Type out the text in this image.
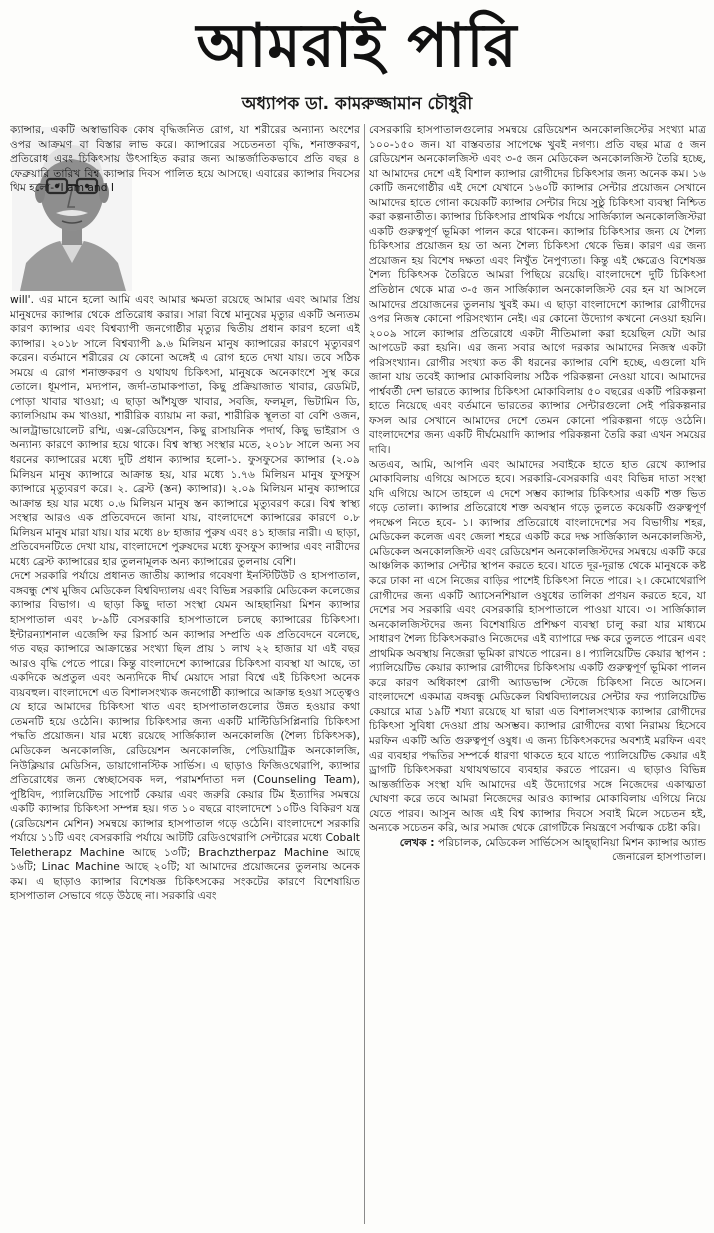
আমরাই পারি
অধ্যাপক ডা. কামরুজ্জামান চৌধুরী

ক্যান্সার, একটি অস্বাভাবিক কোষ বৃদ্ধিজনিত রোগ, যা শরীরের অন্যান্য অংশের ওপর আক্রমণ বা বিস্তার লাভ করে। ক্যান্সারের সচেতনতা বৃদ্ধি, শনাক্তকরণ, প্রতিরোধ এবং চিকিৎসায় উৎসাহিত করার জন্য আন্তর্জাতিকভাবে প্রতি বছর ৪ ফেব্রুয়ারি তারিখ বিশ্ব ক্যান্সার দিবস পালিত হয়ে আসছে। এবারের ক্যান্সার দিবসের থিম হলো- 'I am and I

will'. এর মানে হলো আমি এবং আমার ক্ষমতা রয়েছে আমার এবং আমার প্রিয় মানুষদের ক্যান্সার থেকে প্রতিরোধ করার। সারা বিশ্বে মানুষের মৃত্যুর একটি অন্যতম কারণ ক্যান্সার এবং বিশ্বব্যাপী জনগোষ্ঠীর মৃত্যুর দ্বিতীয় প্রধান কারণ হলো এই ক্যান্সার। ২০১৮ সালে বিশ্বব্যাপী ৯.৬ মিলিয়ন মানুষ ক্যান্সারের কারণে মৃত্যুবরণ করেন। বর্তমানে শরীরের যে কোনো অঙ্গেই এ রোগ হতে দেখা যায়। তবে সঠিক সময়ে এ রোগ শনাক্তকরণ ও যথাযথ চিকিৎসা, মানুষকে অনেকাংশে সুস্থ করে তোলে। ধূমপান, মদ্যপান, জর্দা-তামাকপাতা, কিছু প্রক্রিয়াজাত খাবার, রেডমিট, পোড়া খাবার খাওয়া; এ ছাড়া আঁশযুক্ত খাবার, সবজি, ফলমূল, ভিটামিন ডি, ক্যালসিয়াম কম খাওয়া, শারীরিক ব্যায়াম না করা, শারীরিক স্থূলতা বা বেশি ওজন, আলট্রাভায়োলেট রশ্মি, এক্স-রেডিয়েশন, কিছু রাসায়নিক পদার্থ, কিছু ভাইরাস ও অন্যান্য কারণে ক্যান্সার হয়ে থাকে। বিশ্ব স্বাস্থ্য সংস্থার মতে, ২০১৮ সালে অন্য সব ধরনের ক্যান্সারের মধ্যে দুটি প্রধান ক্যান্সার হলো-১. ফুসফুসের ক্যান্সার (২.০৯ মিলিয়ন মানুষ ক্যান্সারে আক্রান্ত হয়, যার মধ্যে ১.৭৬ মিলিয়ন মানুষ ফুসফুস ক্যান্সারে মৃত্যুবরণ করে। ২. ব্রেস্ট (স্তন) ক্যান্সার)। ২.০৯ মিলিয়ন মানুষ ক্যান্সারে আক্রান্ত হয় যার মধ্যে ০.৬ মিলিয়ন মানুষ স্তন ক্যান্সারে মৃত্যুবরণ করে। বিশ্ব স্বাস্থ্য সংস্থার আরও এক প্রতিবেদনে জানা যায়, বাংলাদেশে ক্যান্সারের কারণে ০.৮ মিলিয়ন মানুষ মারা যায়। যার মধ্যে ৪৮ হাজার পুরুষ এবং ৪১ হাজার নারী। এ ছাড়া, প্রতিবেদনটিতে দেখা যায়, বাংলাদেশে পুরুষদের মধ্যে ফুসফুস ক্যান্সার এবং নারীদের মধ্যে ব্রেস্ট ক্যান্সারের হার তুলনামূলক অন্য ক্যান্সারের তুলনায় বেশি।

দেশে সরকারি পর্যায়ে প্রধানত জাতীয় ক্যান্সার গবেষণা ইনস্টিটিউট ও হাসপাতাল, বঙ্গবন্ধু শেখ মুজিব মেডিকেল বিশ্ববিদ্যালয় এবং বিভিন্ন সরকারি মেডিকেল কলেজের ক্যান্সার বিভাগ। এ ছাড়া কিছু দাতা সংস্থা যেমন আহছানিয়া মিশন ক্যান্সার হাসপাতাল এবং ৮-৯টি বেসরকারি হাসপাতালে চলছে ক্যান্সারের চিকিৎসা। ইন্টারন্যাশনাল এজেন্সি ফর রিসার্চ অন ক্যান্সার সম্প্রতি এক প্রতিবেদনে বলেছে, গত বছর ক্যান্সারে আক্রান্তের সংখ্যা ছিল প্রায় ১ লাখ ২২ হাজার যা এই বছর আরও বৃদ্ধি পেতে পারে। কিন্তু বাংলাদেশে ক্যান্সারের চিকিৎসা ব্যবস্থা যা আছে, তা একদিকে অপ্রতুল এবং অন্যদিকে দীর্ঘ মেয়াদে সারা বিশ্বে এই চিকিৎসা অনেক ব্যয়বহুল। বাংলাদেশে এত বিশালসংখ্যক জনগোষ্ঠী ক্যান্সারে আক্রান্ত হওয়া সত্ত্বেও যে হারে আমাদের চিকিৎসা খাত এবং হাসপাতালগুলোর উন্নত হওয়ার কথা তেমনটি হয়ে ওঠেনি। ক্যান্সার চিকিৎসার জন্য একটি মাল্টিডিসিপ্লিনারি চিকিৎসা পদ্ধতি প্রয়োজন। যার মধ্যে রয়েছে সার্জিক্যাল অনকোলজি (শৈল্য চিকিৎসক), মেডিকেল অনকোলজি, রেডিয়েশন অনকোলজি, পেডিয়াট্রিক অনকোলজি, নিউক্লিয়ার মেডিসিন, ডায়াগোনস্টিক সার্ভিস। এ ছাড়াও ফিজিওথেরাপি, ক্যান্সার প্রতিরোধের জন্য স্বেচ্ছাসেবক দল, পরামর্শদাতা দল (Counseling Team), পুষ্টিবিদ, প্যালিয়েটিভ সাপোর্ট কেয়ার এবং জরুরি কেয়ার টিম ইত্যাদির সমন্বয়ে একটি ক্যান্সার চিকিৎসা সম্পন্ন হয়। গত ১০ বছরে বাংলাদেশে ১০টিও বিকিরণ যন্ত্র (রেডিয়েশন মেশিন) সমন্বয়ে ক্যান্সার হাসপাতাল গড়ে ওঠেনি। বাংলাদেশে সরকারি পর্যায়ে ১১টি এবং বেসরকারি পর্যায়ে আটটি রেডিওথেরাপি সেন্টারের মধ্যে Cobalt Teletherapz Machine আছে ১৩টি; Brachztherpaz Machine আছে ১৬টি; Linac Machine আছে ২০টি; যা আমাদের প্রয়োজনের তুলনায় অনেক কম। এ ছাড়াও ক্যান্সার বিশেষজ্ঞ চিকিৎসকের সংকটের কারণে বিশেষায়িত হাসপাতাল সেভাবে গড়ে উঠছে না। সরকারি এবং

বেসরকারি হাসপাতালগুলোর সমন্বয়ে রেডিয়েশন অনকোলজিস্টের সংখ্যা মাত্র ১০০-১৫০ জন। যা বাস্তবতার সাপেক্ষে খুবই নগণ্য। প্রতি বছর মাত্র ৫ জন রেডিয়েশন অনকোলজিস্ট এবং ৩-৫ জন মেডিকেল অনকোলজিস্ট তৈরি হচ্ছে, যা আমাদের দেশে এই বিশাল ক্যান্সার রোগীদের চিকিৎসার জন্য অনেক কম। ১৬ কোটি জনগোষ্ঠীর এই দেশে যেখানে ১৬০টি ক্যান্সার সেন্টার প্রয়োজন সেখানে আমাদের হাতে গোনা কয়েকটি ক্যান্সার সেন্টার দিয়ে সুষ্ঠু চিকিৎসা ব্যবস্থা নিশ্চিত করা কল্পনাতীত। ক্যান্সার চিকিৎসার প্রাথমিক পর্যায়ে সার্জিক্যাল অনকোলজিস্টরা একটি গুরুত্বপূর্ণ ভূমিকা পালন করে থাকেন। ক্যান্সার চিকিৎসার জন্য যে শৈল্য চিকিৎসার প্রয়োজন হয় তা অন্য শৈল্য চিকিৎসা থেকে ভিন্ন। কারণ এর জন্য প্রয়োজন হয় বিশেষ দক্ষতা এবং নিখুঁত নৈপুণ্যতা। কিন্তু এই ক্ষেত্রেও বিশেষজ্ঞ শৈল্য চিকিৎসক তৈরিতে আমরা পিছিয়ে রয়েছি। বাংলাদেশে দুটি চিকিৎসা প্রতিষ্ঠান থেকে মাত্র ৩-৫ জন সার্জিক্যাল অনকোলজিস্ট বের হন যা আসলে আমাদের প্রয়োজনের তুলনায় খুবই কম। এ ছাড়া বাংলাদেশে ক্যান্সার রোগীদের ওপর নিজস্ব কোনো পরিসংখ্যান নেই। এর কোনো উদ্যোগ কখনো নেওয়া হয়নি। ২০০৯ সালে ক্যান্সার প্রতিরোধে একটা নীতিমালা করা হয়েছিল যেটা আর আপডেট করা হয়নি। এর জন্য সবার আগে দরকার আমাদের নিজস্ব একটা পরিসংখ্যান। রোগীর সংখ্যা কত কী ধরনের ক্যান্সার বেশি হচ্ছে, এগুলো যদি জানা যায় তবেই ক্যান্সার মোকাবিলায় সঠিক পরিকল্পনা নেওয়া যাবে। আমাদের পার্শ্ববর্তী দেশ ভারতে ক্যান্সার চিকিৎসা মোকাবিলায় ৫০ বছরের একটি পরিকল্পনা হাতে নিয়েছে এবং বর্তমানে ভারতের ক্যান্সার সেন্টারগুলো সেই পরিকল্পনার ফসল আর সেখানে আমাদের দেশে তেমন কোনো পরিকল্পনা গড়ে ওঠেনি। বাংলাদেশের জন্য একটি দীর্ঘমেয়াদি ক্যান্সার পরিকল্পনা তৈরি করা এখন সময়ের দাবি।

অতএব, আমি, আপনি এবং আমাদের সবাইকে হাতে হাত রেখে ক্যান্সার মোকাবিলায় এগিয়ে আসতে হবে। সরকারি-বেসরকারি এবং বিভিন্ন দাতা সংস্থা যদি এগিয়ে আসে তাহলে এ দেশে সম্ভব ক্যান্সার চিকিৎসার একটি শক্ত ভিত গড়ে তোলা। ক্যান্সার প্রতিরোধে শক্ত অবস্থান গড়ে তুলতে কয়েকটি গুরুত্বপূর্ণ পদক্ষেপ নিতে হবে- ১। ক্যান্সার প্রতিরোধে বাংলাদেশের সব বিভাগীয় শহর, মেডিকেল কলেজ এবং জেলা শহরে একটি করে দক্ষ সার্জিক্যাল অনকোলজিস্ট, মেডিকেল অনকোলজিস্ট এবং রেডিয়েশন অনকোলজিস্টদের সমন্বয়ে একটি করে আঞ্চলিক ক্যান্সার সেন্টার স্থাপন করতে হবে। যাতে দূর-দূরান্ত থেকে মানুষকে কষ্ট করে ঢাকা না এসে নিজের বাড়ির পাশেই চিকিৎসা নিতে পারে। ২। কেমোথেরাপি রোগীদের জন্য একটি অ্যাসেনশিয়াল ওষুধের তালিকা প্রণয়ন করতে হবে, যা দেশের সব সরকারি এবং বেসরকারি হাসপাতালে পাওয়া যাবে। ৩। সার্জিক্যাল অনকোলজিস্টদের জন্য বিশেষায়িত প্রশিক্ষণ ব্যবস্থা চালু করা যার মাধ্যমে সাধারণ শৈল্য চিকিৎসকরাও নিজেদের এই ব্যাপারে দক্ষ করে তুলতে পারেন এবং প্রাথমিক অবস্থায় নিজেরা ভূমিকা রাখতে পারেন। ৪। প্যালিয়েটিভ কেয়ার স্থাপন : প্যালিয়েটিভ কেয়ার ক্যান্সার রোগীদের চিকিৎসায় একটি গুরুত্বপূর্ণ ভূমিকা পালন করে কারণ অধিকাংশ রোগী অ্যাডভান্স স্টেজে চিকিৎসা নিতে আসেন। বাংলাদেশে একমাত্র বঙ্গবন্ধু মেডিকেল বিশ্ববিদ্যালয়ের সেন্টার ফর প্যালিয়েটিভ কেয়ারে মাত্র ১৯টি শয্যা রয়েছে যা দ্বারা এত বিশালসংখ্যক ক্যান্সার রোগীদের চিকিৎসা সুবিধা দেওয়া প্রায় অসম্ভব। ক্যান্সার রোগীদের ব্যথা নিরাময় হিসেবে মরফিন একটি অতি গুরুত্বপূর্ণ ওষুধ। এ জন্য চিকিৎসকদের অবশ্যই মরফিন এবং এর ব্যবহার পদ্ধতির সম্পর্কে ধারণা থাকতে হবে যাতে প্যালিয়েটিভ কেয়ার এই ড্রাগটি চিকিৎসকরা যথাযথভাবে ব্যবহার করতে পারেন। এ ছাড়াও বিভিন্ন আন্তর্জাতিক সংস্থা যদি আমাদের এই উদ্যোগের সঙ্গে নিজেদের একাত্মতা ঘোষণা করে তবে আমরা নিজেদের আরও ক্যান্সার মোকাবিলায় এগিয়ে নিয়ে যেতে পারব। আসুন আজ এই বিশ্ব ক্যান্সার দিবসে সবাই মিলে সচেতন হই, অন্যকে সচেতন করি, আর সমাজ থেকে রোগটিকে নিয়ন্ত্রণে সর্বাত্মক চেষ্টা করি।

লেখক : পরিচালক, মেডিকেল সার্ভিসেস আহ্ছানিয়া মিশন ক্যান্সার অ্যান্ড জেনারেল হাসপাতাল।
